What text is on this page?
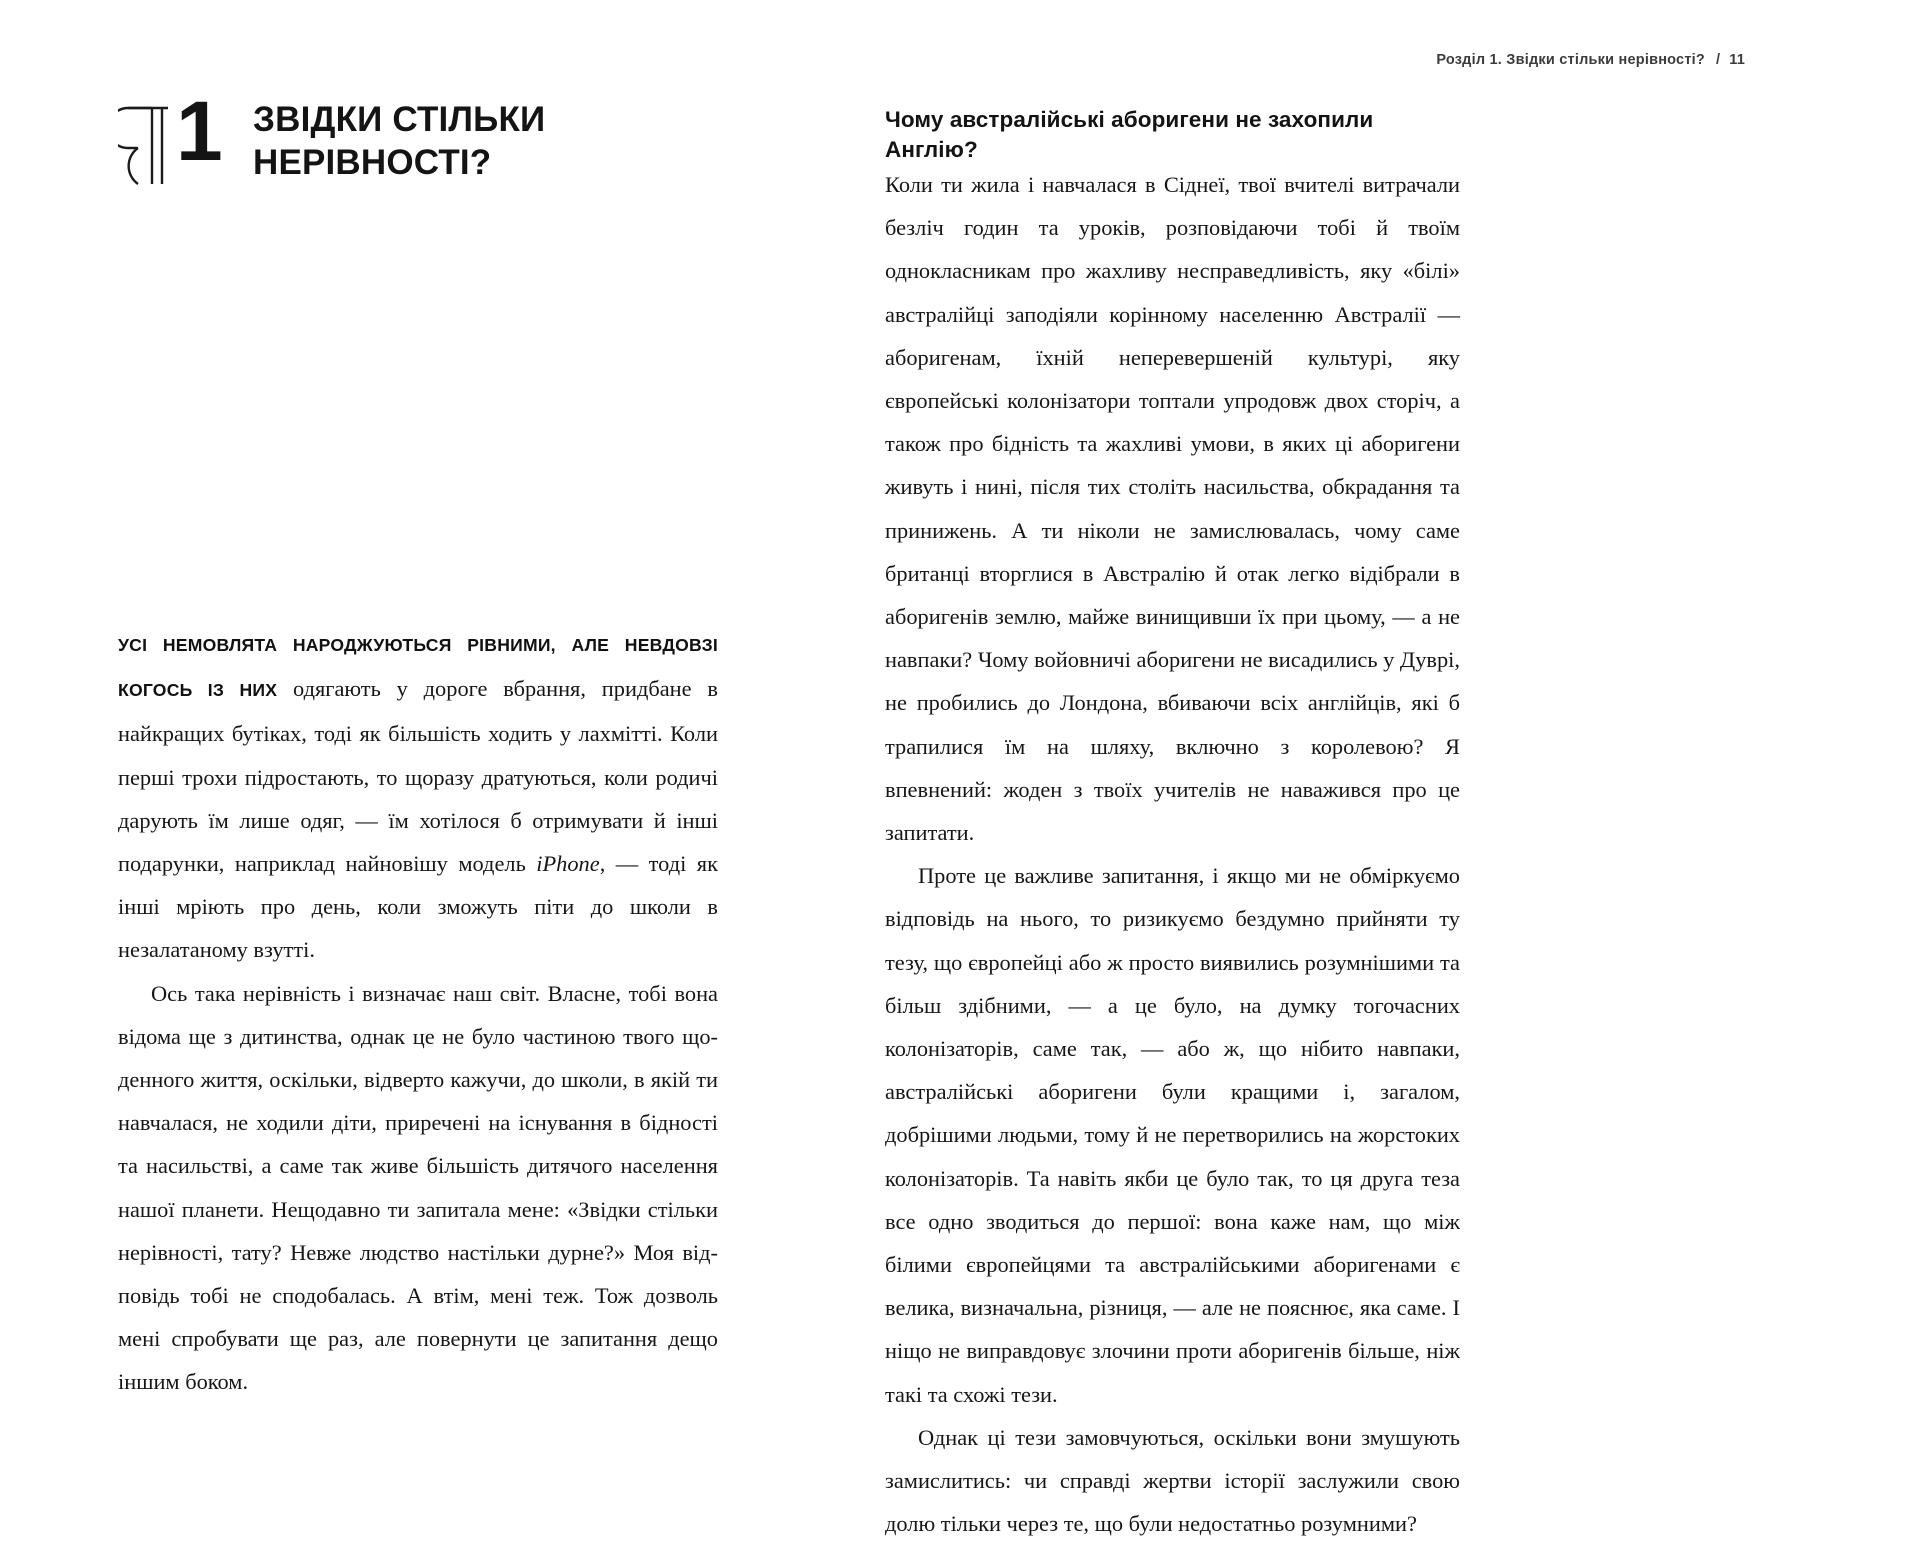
Розділ 1. Звідки стільки нерівності? / 11
1 ЗВІДКИ СТІЛЬКИ
НЕРІВНОСТІ?

УСІ НЕМОВЛЯТА НАРОДЖУЮТЬСЯ РІВНИМИ, АЛЕ НЕВДОВЗІ КОГОСЬ ІЗ НИХ одягають у дороге вбрання, придбане в найкращих бутіках, тоді як більшість ходить у лахмітті. Коли перші трохи підростають, то щоразу дратуються, коли родичі дарують їм лише одяг, — їм хотілося б отримувати й інші подарунки, наприклад найновішу модель iPhone, — тоді як інші мріють про день, коли зможуть піти до школи в незалатаному взутті.

Ось така нерівність і визначає наш світ. Власне, тобі вона відома ще з дитинства, однак це не було частиною твого щоденного життя, оскільки, відверто кажучи, до школи, в якій ти навчалася, не ходили діти, приречені на існування в бідності та насильстві, а саме так живе більшість дитячого населення нашої планети. Нещодавно ти запитала мене: «Звідки стільки нерівності, тату? Невже людство настільки дурне?» Моя відповідь тобі не сподобалась. А втім, мені теж. Тож дозволь мені спробувати ще раз, але повернути це запитання дещо іншим боком.

Чому австралійські аборигени не захопили Англію?

Коли ти жила і навчалася в Сіднеї, твої вчителі витрачали безліч годин та уроків, розповідаючи тобі й твоїм однокласникам про жахливу несправедливість, яку «білі» австралійці заподіяли корінному населенню Австралії — аборигенам, їхній неперевершеній культурі, яку європейські колонізатори топтали упродовж двох сторіч, а також про бідність та жахливі умови, в яких ці аборигени живуть і нині, після тих століть насильства, обкрадання та принижень. А ти ніколи не замислювалась, чому саме британці вторглися в Австралію й отак легко відібрали в аборигенів землю, майже винищивши їх при цьому, — а не навпаки? Чому войовничі аборигени не висадились у Дуврі, не пробились до Лондона, вбиваючи всіх англійців, які б трапилися їм на шляху, включно з королевою? Я впевнений: жоден з твоїх учителів не наважився про це запитати.

Проте це важливе запитання, і якщо ми не обміркуємо відповідь на нього, то ризикуємо бездумно прийняти ту тезу, що європейці або ж просто виявились розумнішими та більш здібними, — а це було, на думку тогочасних колонізаторів, саме так, — або ж, що нібито навпаки, австралійські аборигени були кращими і, загалом, добрішими людьми, тому й не перетворились на жорстоких колонізаторів. Та навіть якби це було так, то ця друга теза все одно зводиться до першої: вона каже нам, що між білими європейцями та австралійськими аборигенами є велика, визначальна, різниця, — але не пояснює, яка саме. І ніщо не виправдовує злочини проти аборигенів більше, ніж такі та схожі тези.

Однак ці тези замовчуються, оскільки вони змушують замислитись: чи справді жертви історії заслужили свою долю тільки через те, що були недостатньо розумними?
